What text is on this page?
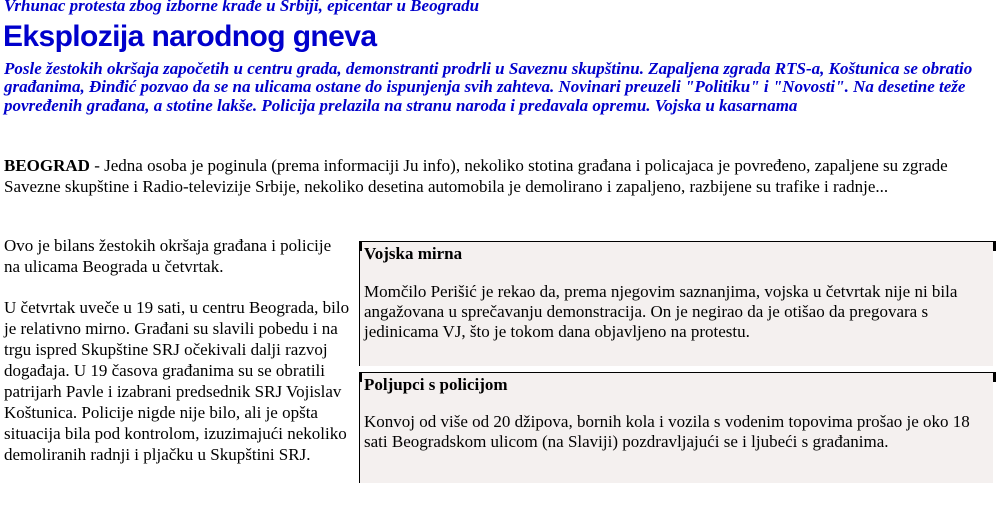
Vrhunac protesta zbog izborne krađe u Srbiji, epicentar u Beogradu

Eksplozija narodnog gneva

Posle žestokih okršaja započetih u centru grada, demonstranti prodrli u Saveznu skupštinu. Zapaljena zgrada RTS-a, Koštunica se obratio građanima, Đinđić pozvao da se na ulicama ostane do ispunjenja svih zahteva. Novinari preuzeli "Politiku" i "Novosti". Na desetine teže povređenih građana, a stotine lakše. Policija prelazila na stranu naroda i predavala opremu. Vojska u kasarnama

BEOGRAD - Jedna osoba je poginula (prema informaciji Ju info), nekoliko stotina građana i policajaca je povređeno, zapaljene su zgrade Savezne skupštine i Radio-televizije Srbije, nekoliko desetina automobila je demolirano i zapaljeno, razbijene su trafike i radnje...

Ovo je bilans žestokih okršaja građana i policije na ulicama Beograda u četvrtak.

U četvrtak uveče u 19 sati, u centru Beograda, bilo je relativno mirno. Građani su slavili pobedu i na trgu ispred Skupštine SRJ očekivali dalji razvoj događaja. U 19 časova građanima su se obratili patrijarh Pavle i izabrani predsednik SRJ Vojislav Koštunica. Policije nigde nije bilo, ali je opšta situacija bila pod kontrolom, izuzimajući nekoliko demoliranih radnji i pljačku u Skupštini SRJ.

Vojska mirna

Momčilo Perišić je rekao da, prema njegovim saznanjima, vojska u četvrtak nije ni bila angažovana u sprečavanju demonstracija. On je negirao da je otišao da pregovara s jedinicama VJ, što je tokom dana objavljeno na protestu.

Poljupci s policijom

Konvoj od više od 20 džipova, bornih kola i vozila s vodenim topovima prošao je oko 18 sati Beogradskom ulicom (na Slaviji) pozdravljajući se i ljubeći s građanima.
